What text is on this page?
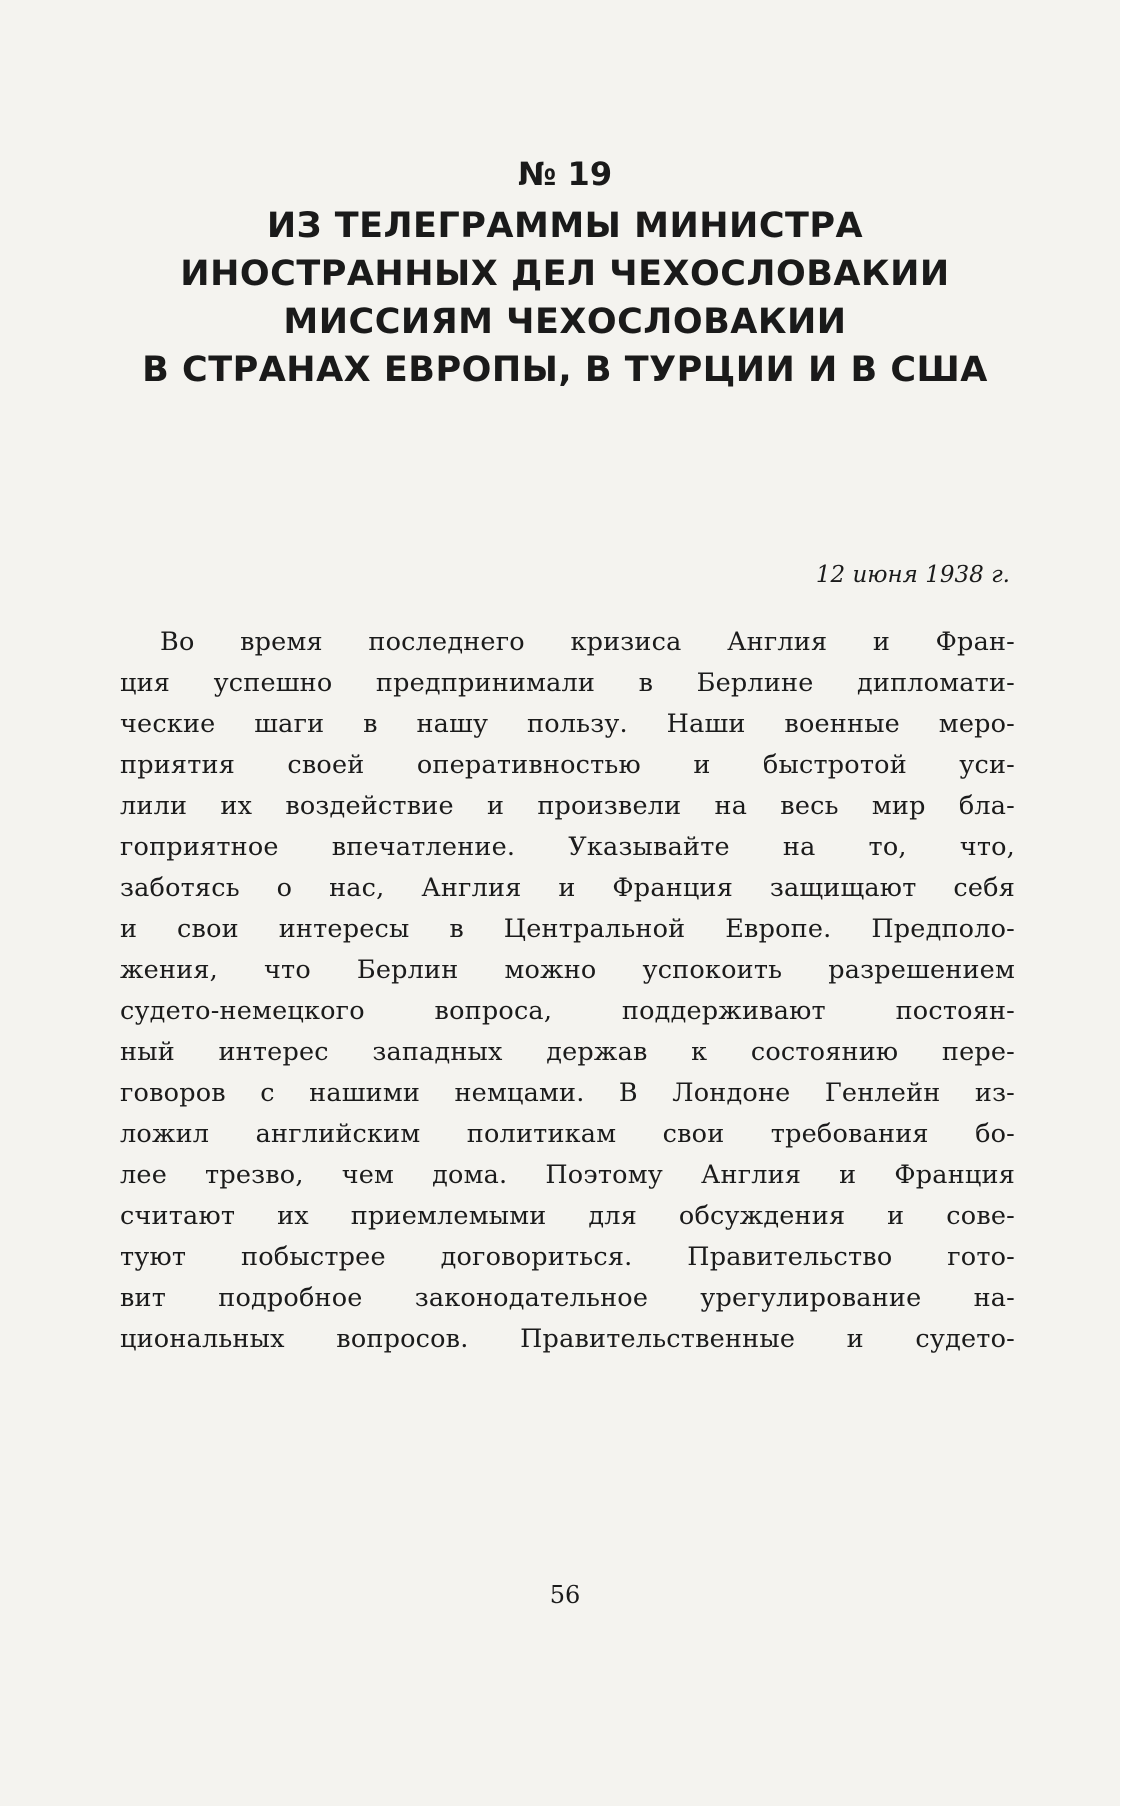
№ 19
ИЗ ТЕЛЕГРАММЫ МИНИСТРА
ИНОСТРАННЫХ ДЕЛ ЧЕХОСЛОВАКИИ
МИССИЯМ ЧЕХОСЛОВАКИИ
В СТРАНАХ ЕВРОПЫ, В ТУРЦИИ И В США
12 июня 1938 г.
Во время последнего кризиса Англия и Фран-
ция успешно предпринимали в Берлине дипломати-
ческие шаги в нашу пользу. Наши военные меро-
приятия своей оперативностью и быстротой уси-
лили их воздействие и произвели на весь мир бла-
гоприятное впечатление. Указывайте на то, что,
заботясь о нас, Англия и Франция защищают себя
и свои интересы в Центральной Европе. Предполо-
жения, что Берлин можно успокоить разрешением
судето-немецкого вопроса, поддерживают постоян-
ный интерес западных держав к состоянию пере-
говоров с нашими немцами. В Лондоне Генлейн из-
ложил английским политикам свои требования бо-
лее трезво, чем дома. Поэтому Англия и Франция
считают их приемлемыми для обсуждения и сове-
туют побыстрее договориться. Правительство гото-
вит подробное законодательное урегулирование на-
циональных вопросов. Правительственные и судето-
56
